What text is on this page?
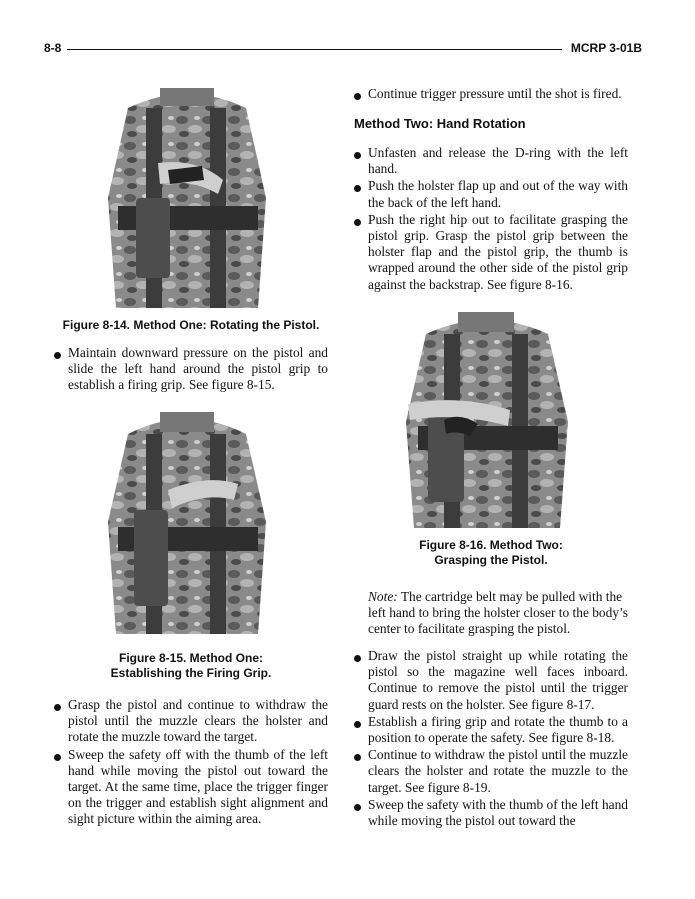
8-8	MCRP 3-01B
Figure 8-14. Method One: Rotating the Pistol.
Maintain downward pressure on the pistol and slide the left hand around the pistol grip to establish a firing grip. See figure 8-15.
Figure 8-15. Method One:
Establishing the Firing Grip.
Grasp the pistol and continue to withdraw the pistol until the muzzle clears the holster and rotate the muzzle toward the target.
Sweep the safety off with the thumb of the left hand while moving the pistol out toward the target. At the same time, place the trigger finger on the trigger and establish sight alignment and sight picture within the aiming area.
Continue trigger pressure until the shot is fired.
Method Two: Hand Rotation
Unfasten and release the D-ring with the left hand.
Push the holster flap up and out of the way with the back of the left hand.
Push the right hip out to facilitate grasping the pistol grip. Grasp the pistol grip between the holster flap and the pistol grip, the thumb is wrapped around the other side of the pistol grip against the backstrap. See figure 8-16.
Figure 8-16. Method Two:
Grasping the Pistol.
Note: The cartridge belt may be pulled with the left hand to bring the holster closer to the body’s center to facilitate grasping the pistol.
Draw the pistol straight up while rotating the pistol so the magazine well faces inboard. Continue to remove the pistol until the trigger guard rests on the holster. See figure 8-17.
Establish a firing grip and rotate the thumb to a position to operate the safety. See figure 8-18.
Continue to withdraw the pistol until the muzzle clears the holster and rotate the muzzle to the target. See figure 8-19.
Sweep the safety with the thumb of the left hand while moving the pistol out toward the
